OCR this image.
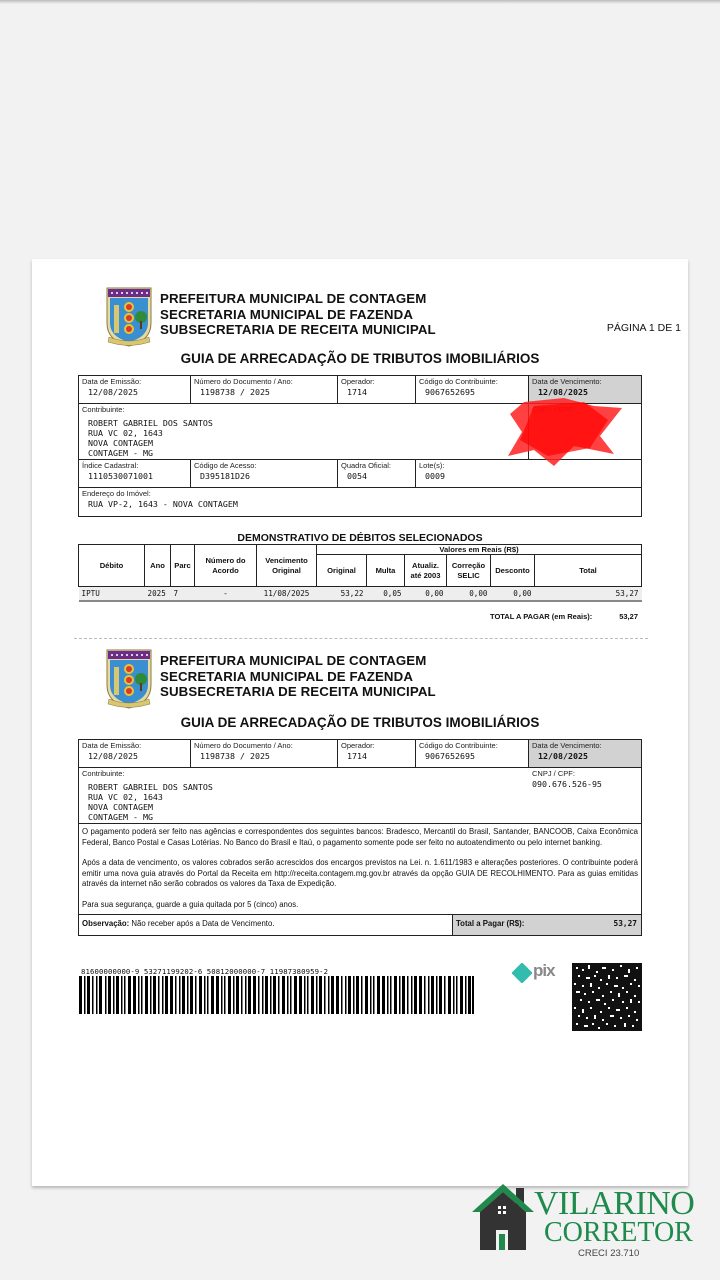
PREFEITURA MUNICIPAL DE CONTAGEM
SECRETARIA MUNICIPAL DE FAZENDA
SUBSECRETARIA DE RECEITA MUNICIPAL	PÁGINA 1 DE 1
GUIA DE ARRECADAÇÃO DE TRIBUTOS IMOBILIÁRIOS
Data de Emissão:
12/08/2025
Número do Documento / Ano:
1198738 / 2025
Operador:
1714
Código do Contribuinte:
9067652695
Data de Vencimento:
12/08/2025
Contribuinte:
ROBERT GABRIEL DOS SANTOS
RUA VC 02, 1643
NOVA CONTAGEM
CONTAGEM - MG
Índice Cadastral:
1110530071001
Código de Acesso:
D395181D26
Quadra Oficial:
0054
Lote(s):
0009
Endereço do Imóvel:
RUA VP-2, 1643 - NOVA CONTAGEM
DEMONSTRATIVO DE DÉBITOS SELECIONADOS
Débito	Ano	Parc	Número do Acordo	Vencimento Original	Valores em Reais (R$)					
					Original	Multa	Atualiz. até 2003	Correção SELIC	Desconto	Total
IPTU	2025	7	-	11/08/2025	53,22	0,05	0,00	0,00	0,00	53,27
TOTAL A PAGAR (em Reais):	53,27
PREFEITURA MUNICIPAL DE CONTAGEM
SECRETARIA MUNICIPAL DE FAZENDA
SUBSECRETARIA DE RECEITA MUNICIPAL
GUIA DE ARRECADAÇÃO DE TRIBUTOS IMOBILIÁRIOS
Data de Emissão:
12/08/2025
Número do Documento / Ano:
1198738 / 2025
Operador:
1714
Código do Contribuinte:
9067652695
Data de Vencimento:
12/08/2025
Contribuinte:
ROBERT GABRIEL DOS SANTOS
RUA VC 02, 1643
NOVA CONTAGEM
CONTAGEM - MG
CNPJ / CPF:
090.676.526-95

O pagamento poderá ser feito nas agências e correspondentes dos seguintes bancos: Bradesco, Mercantil do Brasil, Santander, BANCOOB, Caixa Econômica Federal, Banco Postal e Casas Lotérias. No Banco do Brasil e Itaú, o pagamento somente pode ser feito no autoatendimento ou pelo internet banking.

Após a data de vencimento, os valores cobrados serão acrescidos dos encargos previstos na Lei. n. 1.611/1983 e alterações posteriores. O contribuinte poderá emitir uma nova guia através do Portal da Receita em http://receita.contagem.mg.gov.br através da opção GUIA DE RECOLHIMENTO. Para as guias emitidas através da internet não serão cobrados os valores da Taxa de Expedição.

Para sua segurança, guarde a guia quitada por 5 (cinco) anos.

Observação: Não receber após a Data de Vencimento.	Total a Pagar (R$):	53,27
81600000000-9 53271199202-6 50812000000-7 11987380959-2	pix
VILARINO
CORRETOR
CRECI 23.710
